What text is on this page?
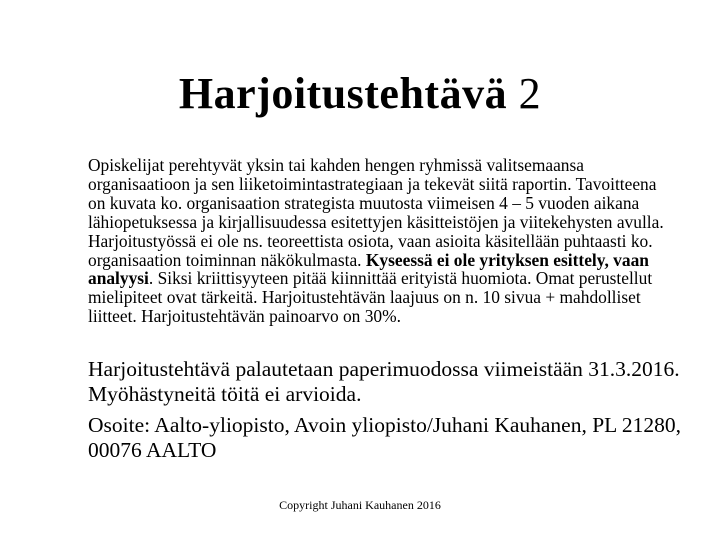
Harjoitustehtävä 2

Opiskelijat perehtyvät yksin tai kahden hengen ryhmissä valitsemaansa organisaatioon ja sen liiketoimintastrategiaan ja tekevät siitä raportin. Tavoitteena on kuvata ko. organisaation strategista muutosta viimeisen 4 – 5 vuoden aikana lähiopetuksessa ja kirjallisuudessa esitettyjen käsitteistöjen ja viitekehysten avulla. Harjoitustyössä ei ole ns. teoreettista osiota, vaan asioita käsitellään puhtaasti ko. organisaation toiminnan näkökulmasta. Kyseessä ei ole yrityksen esittely, vaan analyysi. Siksi kriittisyyteen pitää kiinnittää erityistä huomiota. Omat perustellut mielipiteet ovat tärkeitä. Harjoitustehtävän laajuus on n. 10 sivua + mahdolliset liitteet. Harjoitustehtävän painoarvo on 30%.

Harjoitustehtävä palautetaan paperimuodossa viimeistään 31.3.2016. Myöhästyneitä töitä ei arvioida.

Osoite: Aalto-yliopisto, Avoin yliopisto/Juhani Kauhanen, PL 21280, 00076 AALTO

Copyright Juhani Kauhanen 2016
